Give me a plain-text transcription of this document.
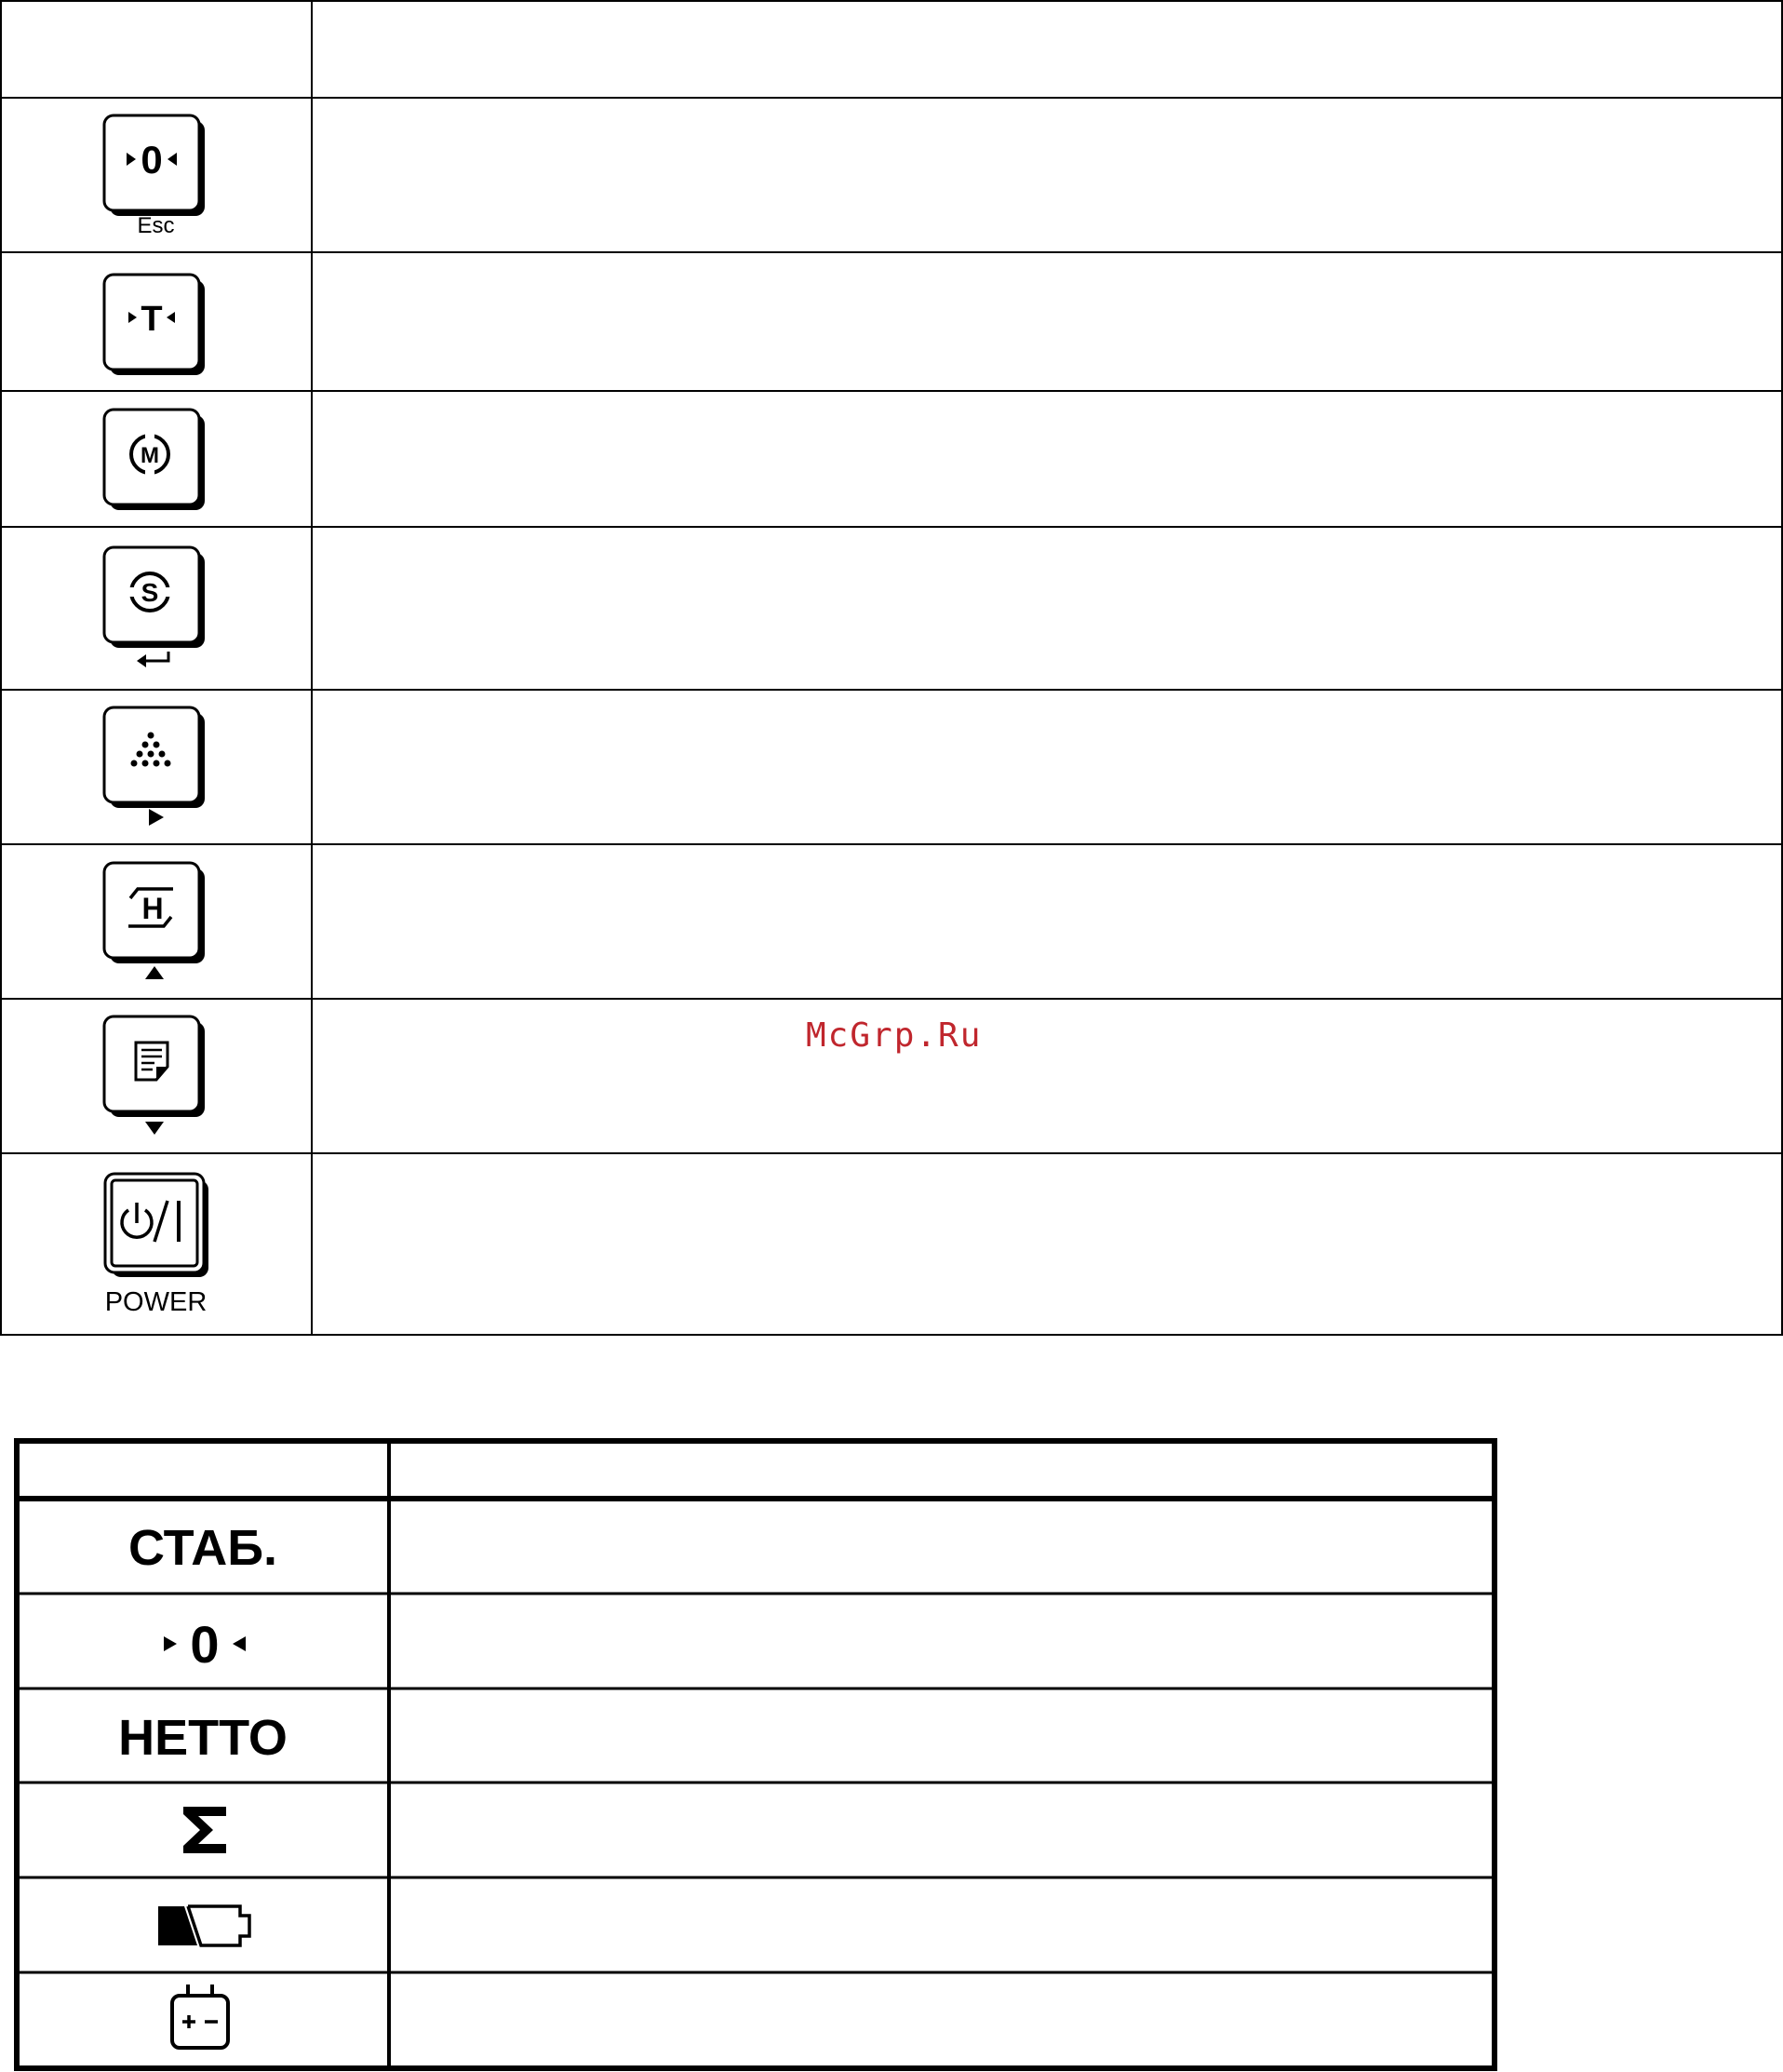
0
Esc
T
M
S
H
POWER
McGrp.Ru
СТАБ.
0
НЕТТО
